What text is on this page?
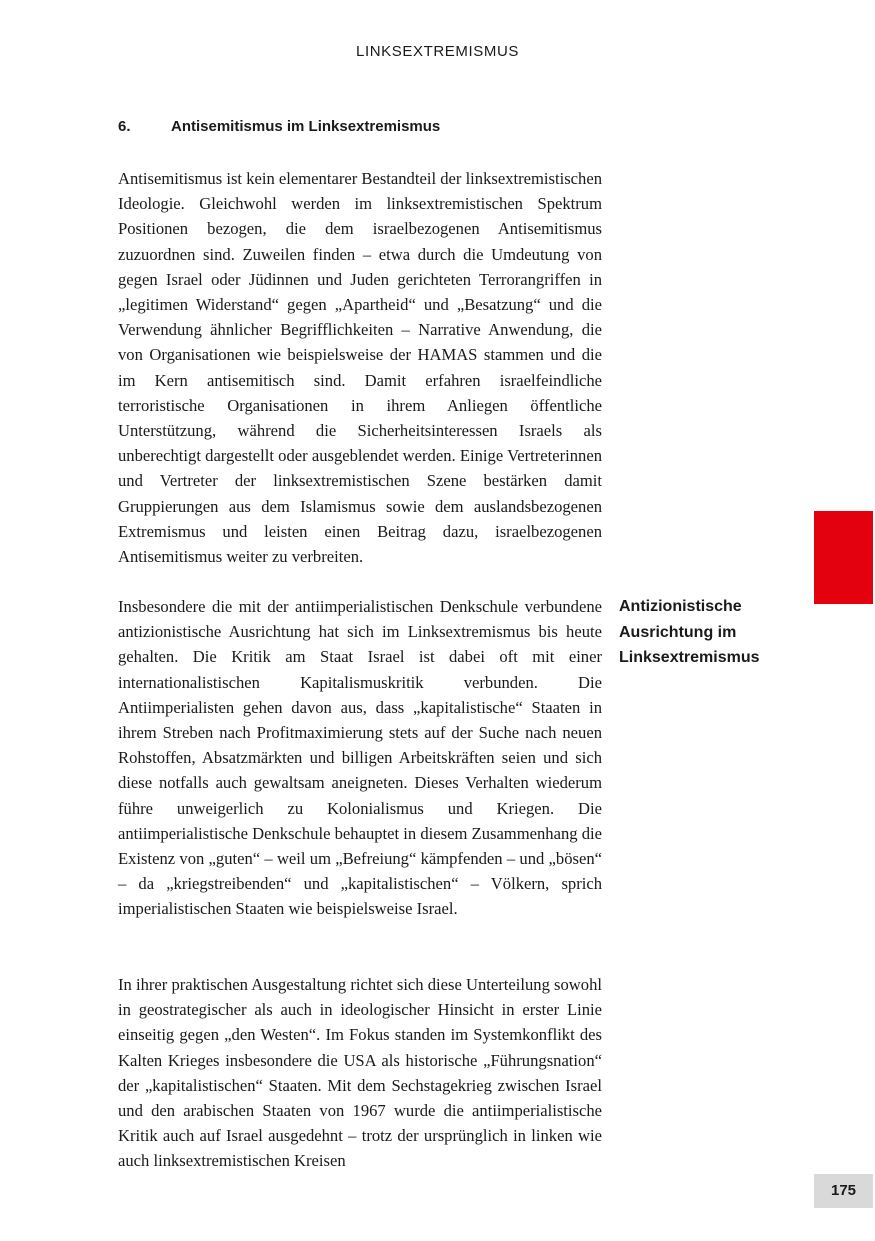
LINKSEXTREMISMUS
6.	Antisemitismus im Linksextremismus

Antisemitismus ist kein elementarer Bestandteil der linksextremistischen Ideologie. Gleichwohl werden im linksextremistischen Spektrum Positionen bezogen, die dem israelbezogenen Antisemitismus zuzuordnen sind. Zuweilen finden – etwa durch die Umdeutung von gegen Israel oder Jüdinnen und Juden gerichteten Terrorangriffen in „legitimen Widerstand“ gegen „Apartheid“ und „Besatzung“ und die Verwendung ähnlicher Begrifflichkeiten – Narrative Anwendung, die von Organisationen wie beispielsweise der HAMAS stammen und die im Kern antisemitisch sind. Damit erfahren israelfeindliche terroristische Organisationen in ihrem Anliegen öffentliche Unterstützung, während die Sicherheitsinteressen Israels als unberechtigt dargestellt oder ausgeblendet werden. Einige Vertreterinnen und Vertreter der linksextremistischen Szene bestärken damit Gruppierungen aus dem Islamismus sowie dem auslandsbezogenen Extremismus und leisten einen Beitrag dazu, israelbezogenen Antisemitismus weiter zu verbreiten.

Insbesondere die mit der antiimperialistischen Denkschule verbundene antizionistische Ausrichtung hat sich im Linksextremismus bis heute gehalten. Die Kritik am Staat Israel ist dabei oft mit einer internationalistischen Kapitalismuskritik verbunden. Die Antiimperialisten gehen davon aus, dass „kapitalistische“ Staaten in ihrem Streben nach Profitmaximierung stets auf der Suche nach neuen Rohstoffen, Absatzmärkten und billigen Arbeitskräften seien und sich diese notfalls auch gewaltsam aneigneten. Dieses Verhalten wiederum führe unweigerlich zu Kolonialismus und Kriegen. Die antiimperialistische Denkschule behauptet in diesem Zusammenhang die Existenz von „guten“ – weil um „Befreiung“ kämpfenden – und „bösen“ – da „kriegstreibenden“ und „kapitalistischen“ – Völkern, sprich imperialistischen Staaten wie beispielsweise Israel.

In ihrer praktischen Ausgestaltung richtet sich diese Unterteilung sowohl in geostrategischer als auch in ideologischer Hinsicht in erster Linie einseitig gegen „den Westen“. Im Fokus standen im Systemkonflikt des Kalten Krieges insbesondere die USA als historische „Führungsnation“ der „kapitalistischen“ Staaten. Mit dem Sechstagekrieg zwischen Israel und den arabischen Staaten von 1967 wurde die antiimperialistische Kritik auch auf Israel ausgedehnt – trotz der ursprünglich in linken wie auch linksextremistischen Kreisen

Antizionistische Ausrichtung im Linksextremismus
175
